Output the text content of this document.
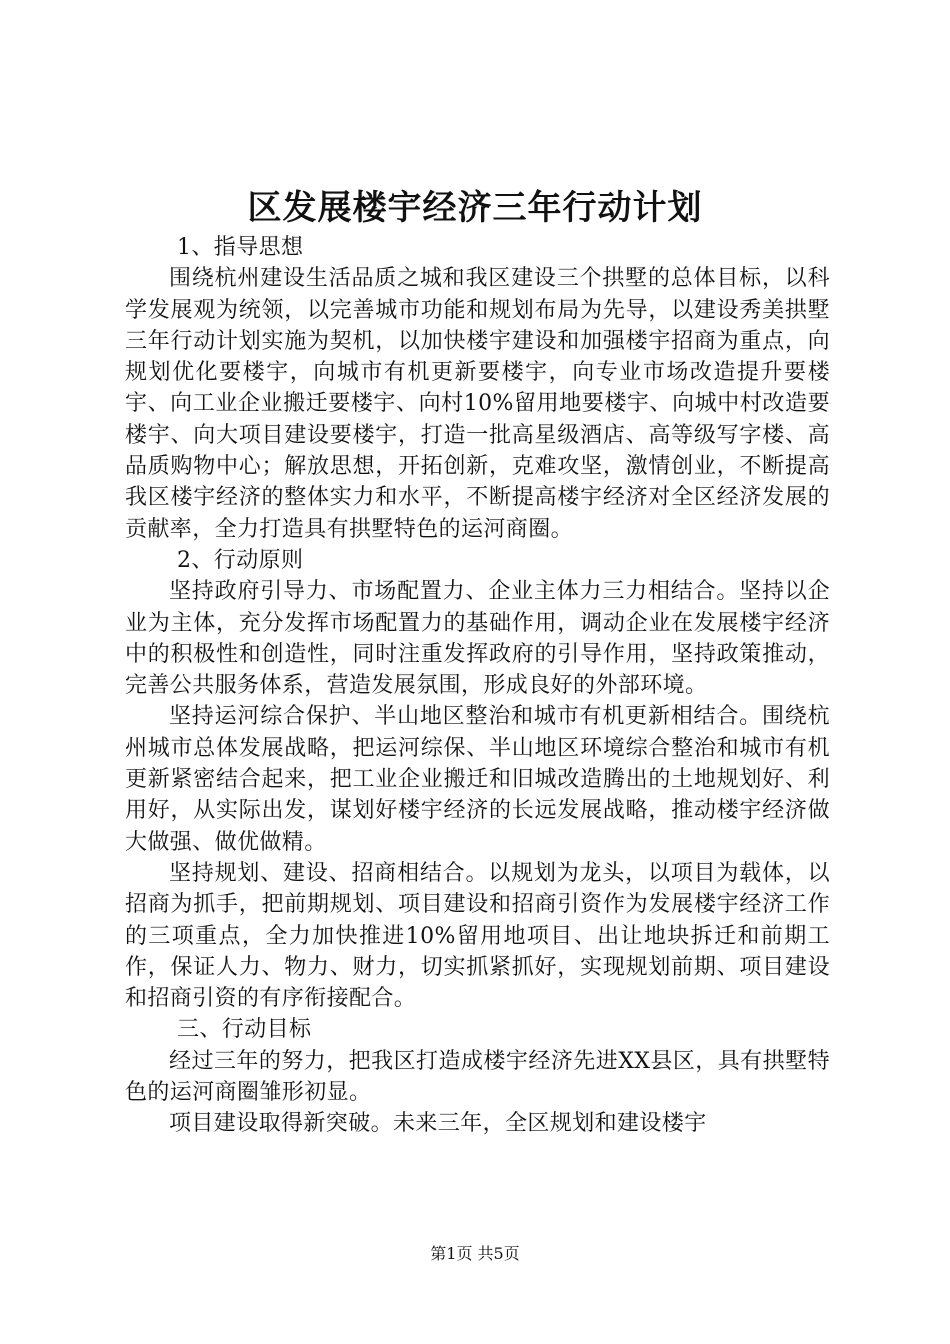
区发展楼宇经济三年行动计划

1、指导思想

围绕杭州建设生活品质之城和我区建设三个拱墅的总体目标，以科学发展观为统领，以完善城市功能和规划布局为先导，以建设秀美拱墅三年行动计划实施为契机，以加快楼宇建设和加强楼宇招商为重点，向规划优化要楼宇，向城市有机更新要楼宇，向专业市场改造提升要楼宇、向工业企业搬迁要楼宇、向村10%留用地要楼宇、向城中村改造要楼宇、向大项目建设要楼宇，打造一批高星级酒店、高等级写字楼、高品质购物中心；解放思想，开拓创新，克难攻坚，激情创业，不断提高我区楼宇经济的整体实力和水平，不断提高楼宇经济对全区经济发展的贡献率，全力打造具有拱墅特色的运河商圈。

2、行动原则

坚持政府引导力、市场配置力、企业主体力三力相结合。坚持以企业为主体，充分发挥市场配置力的基础作用，调动企业在发展楼宇经济中的积极性和创造性，同时注重发挥政府的引导作用，坚持政策推动，完善公共服务体系，营造发展氛围，形成良好的外部环境。

坚持运河综合保护、半山地区整治和城市有机更新相结合。围绕杭州城市总体发展战略，把运河综保、半山地区环境综合整治和城市有机更新紧密结合起来，把工业企业搬迁和旧城改造腾出的土地规划好、利用好，从实际出发，谋划好楼宇经济的长远发展战略，推动楼宇经济做大做强、做优做精。

坚持规划、建设、招商相结合。以规划为龙头，以项目为载体，以招商为抓手，把前期规划、项目建设和招商引资作为发展楼宇经济工作的三项重点，全力加快推进10%留用地项目、出让地块拆迁和前期工作，保证人力、物力、财力，切实抓紧抓好，实现规划前期、项目建设和招商引资的有序衔接配合。

三、行动目标

经过三年的努力，把我区打造成楼宇经济先进XX县区，具有拱墅特色的运河商圈雏形初显。

项目建设取得新突破。未来三年，全区规划和建设楼宇

第1页 共5页
